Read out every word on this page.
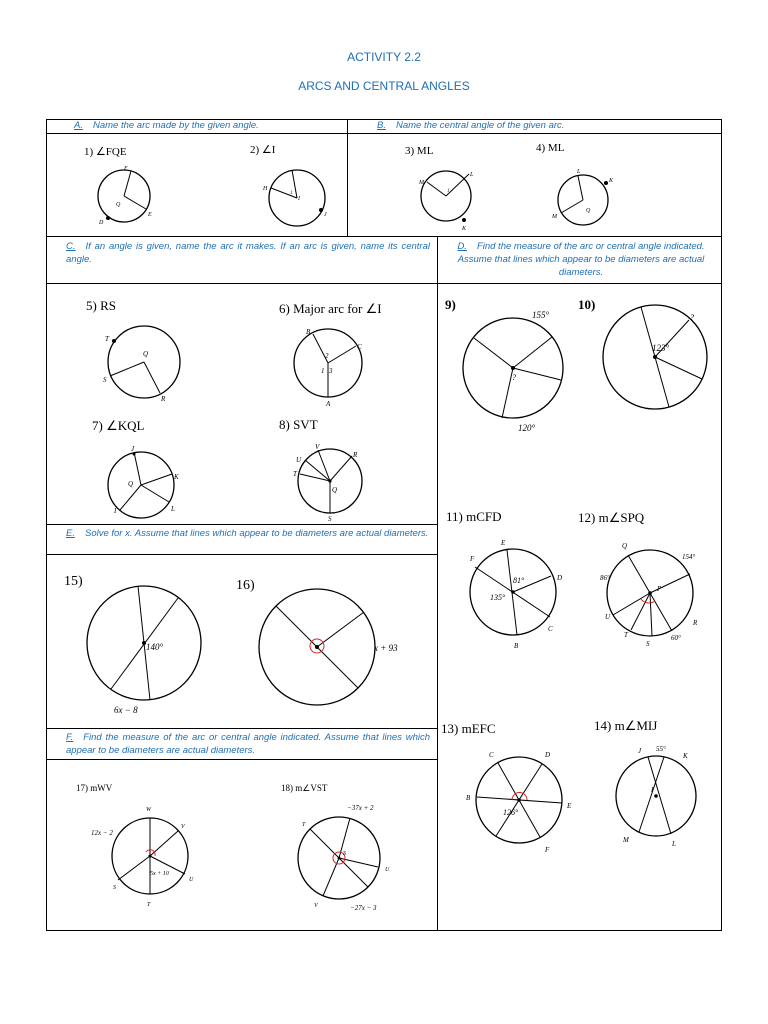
ACTIVITY 2.2
ARCS AND CENTRAL ANGLES
A. Name the arc made by the given angle.	B. Name the central angle of the given arc.
C. If an angle is given, name the arc it makes. If an arc is given, name its central angle.
D. Find the measure of the arc or central angle indicated. Assume that lines which appear to be diameters are actual diameters.
E. Solve for x. Assume that lines which appear to be diameters are actual diameters.
F. Find the measure of the arc or central angle indicated. Assume that lines which appear to be diameters are actual diameters.
1) ∠FQE	2) ∠I	3) ML	4) ML
5) RS	6) Major arc for ∠I
7) ∠KQL	8) SVT
9)	10)
11) mCFD	12) m∠SPQ
13) mEFC	14) m∠MIJ
15)	16)
17) mWV	18) m∠VST
F
Q
E
D
H
I
1
J
M
L
1
K
L
K
Q
M
T
Q
S
R
B
C
A
2
1 3
J
K
Q
L
I
V
R
U
T
Q
S
155°
?
120°
123°
?
E
F
D
C
B
81°
135°
Q
154°
86°
P
U
R
T
S
60°
C	D
B
E
F
126°
J 55°
K
I
M	L
140°
6x − 8
x + 93
W
12x − 2
V
5x + 10
U
S
T
−37x + 2
T
S
U
V	−27x − 3
